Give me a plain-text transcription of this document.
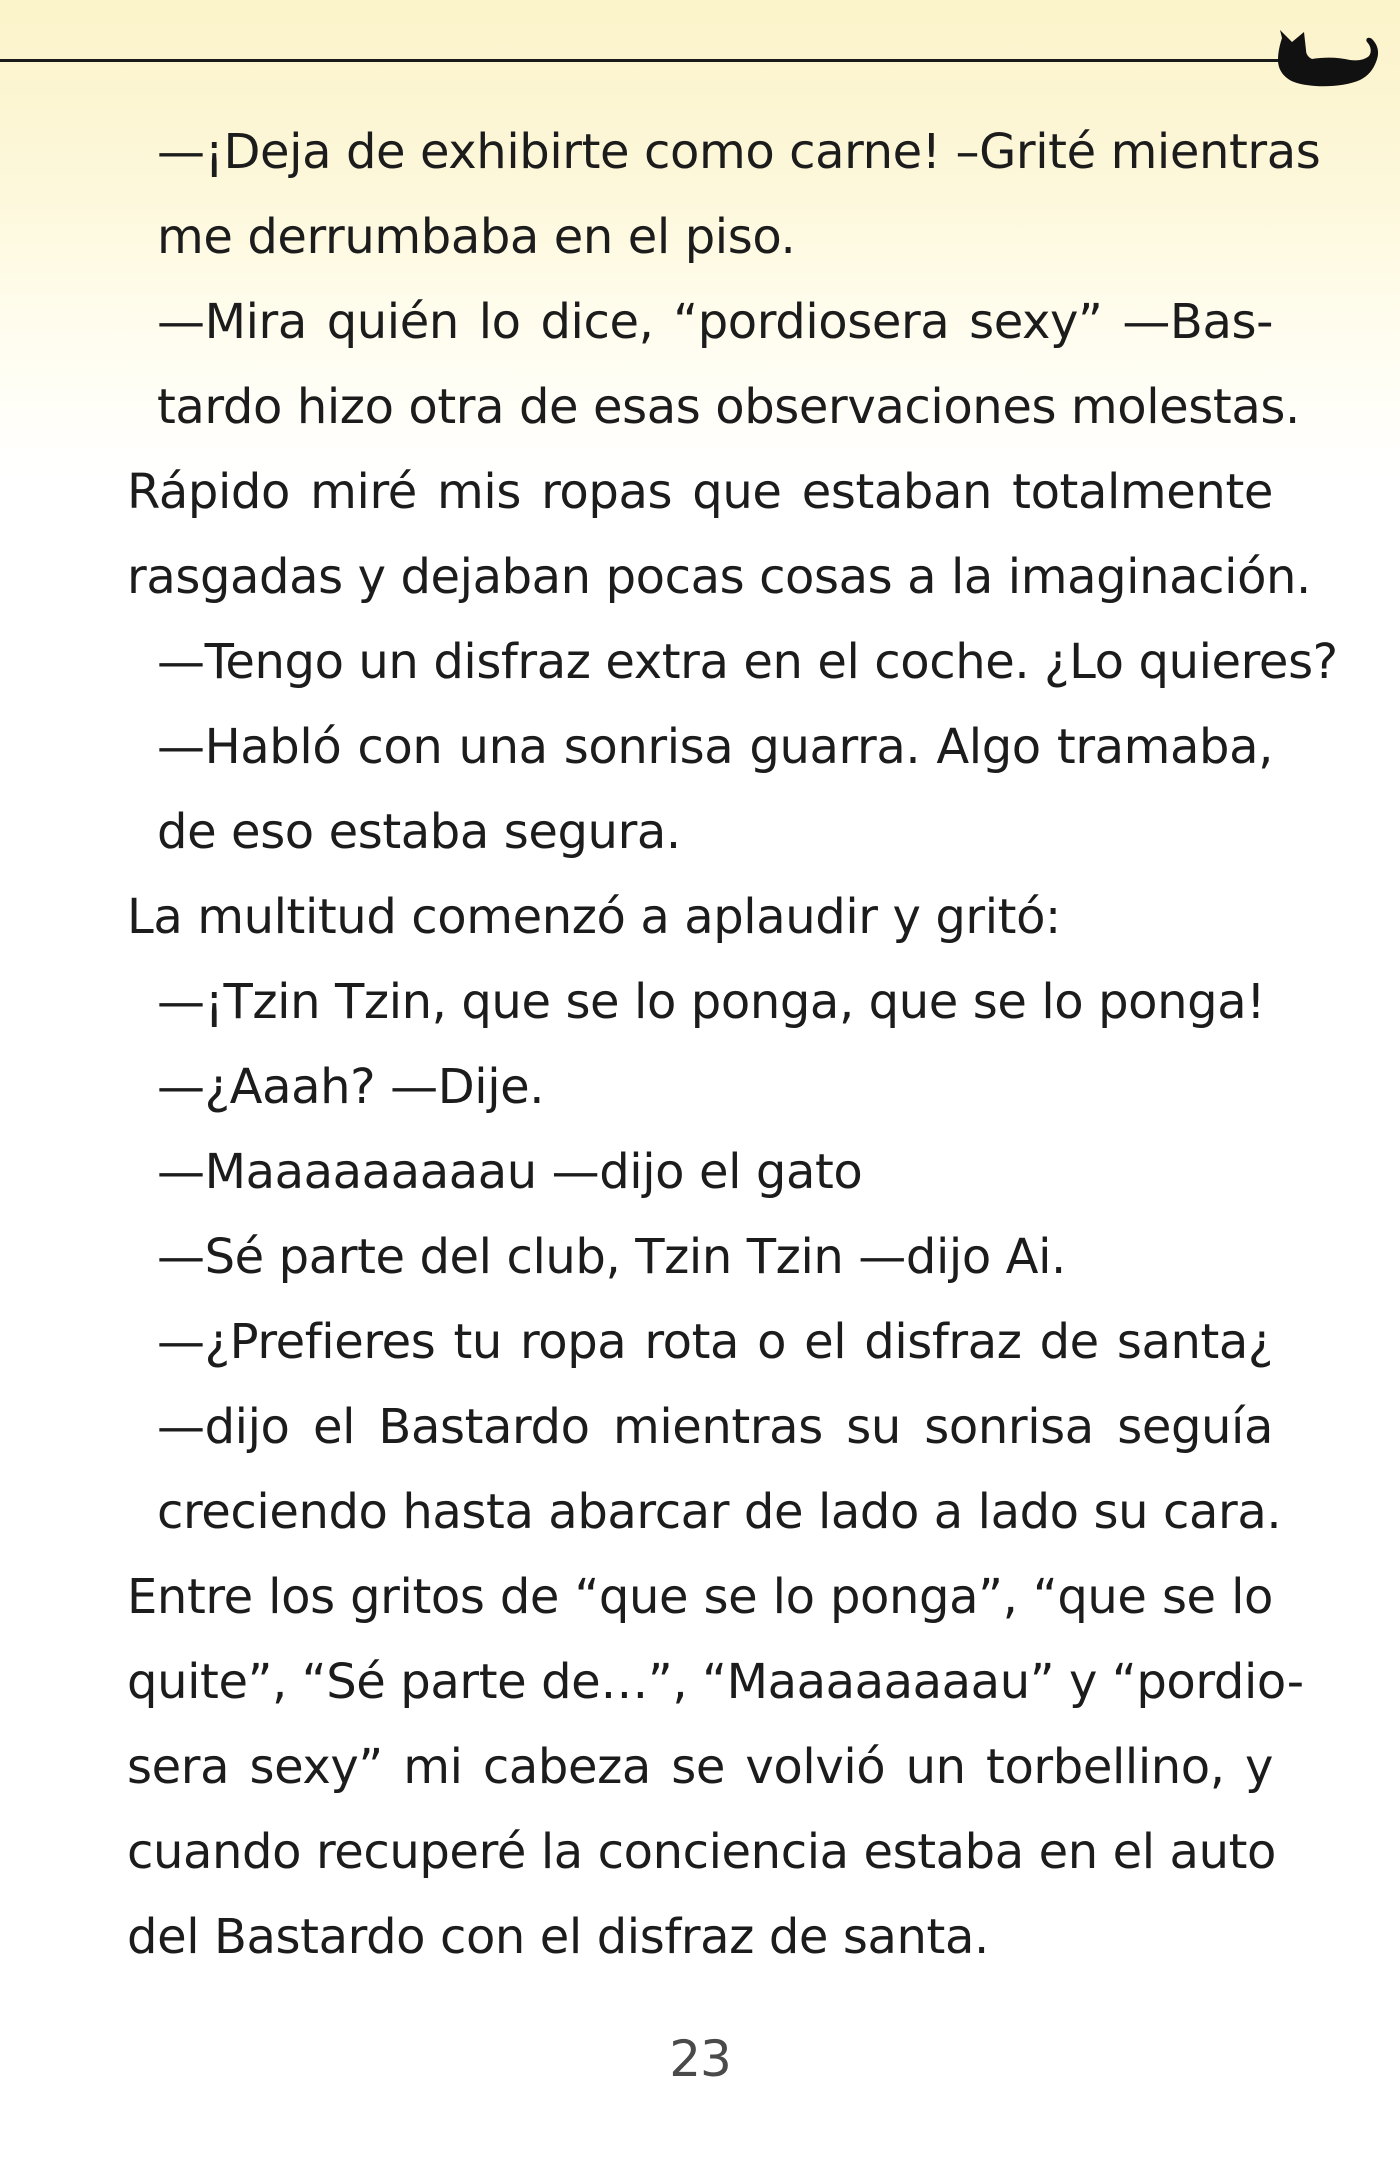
—¡Deja de exhibirte como carne! –Grité mientras
me derrumbaba en el piso.
—Mira quién lo dice, “pordiosera sexy” —Bas-
tardo hizo otra de esas observaciones molestas.
Rápido miré mis ropas que estaban totalmente
rasgadas y dejaban pocas cosas a la imaginación.
—Tengo un disfraz extra en el coche. ¿Lo quieres?
—Habló con una sonrisa guarra. Algo tramaba,
de eso estaba segura.
La multitud comenzó a aplaudir y gritó:
—¡Tzin Tzin, que se lo ponga, que se lo ponga!
—¿Aaah? —Dije.
—Maaaaaaaaau —dijo el gato
—Sé parte del club, Tzin Tzin —dijo Ai.
—¿Prefieres tu ropa rota o el disfraz de santa¿
—dijo el Bastardo mientras su sonrisa seguía
creciendo hasta abarcar de lado a lado su cara.
Entre los gritos de “que se lo ponga”, “que se lo
quite”, “Sé parte de…”, “Maaaaaaaau” y “pordio-
sera sexy” mi cabeza se volvió un torbellino, y
cuando recuperé la conciencia estaba en el auto
del Bastardo con el disfraz de santa.
23
